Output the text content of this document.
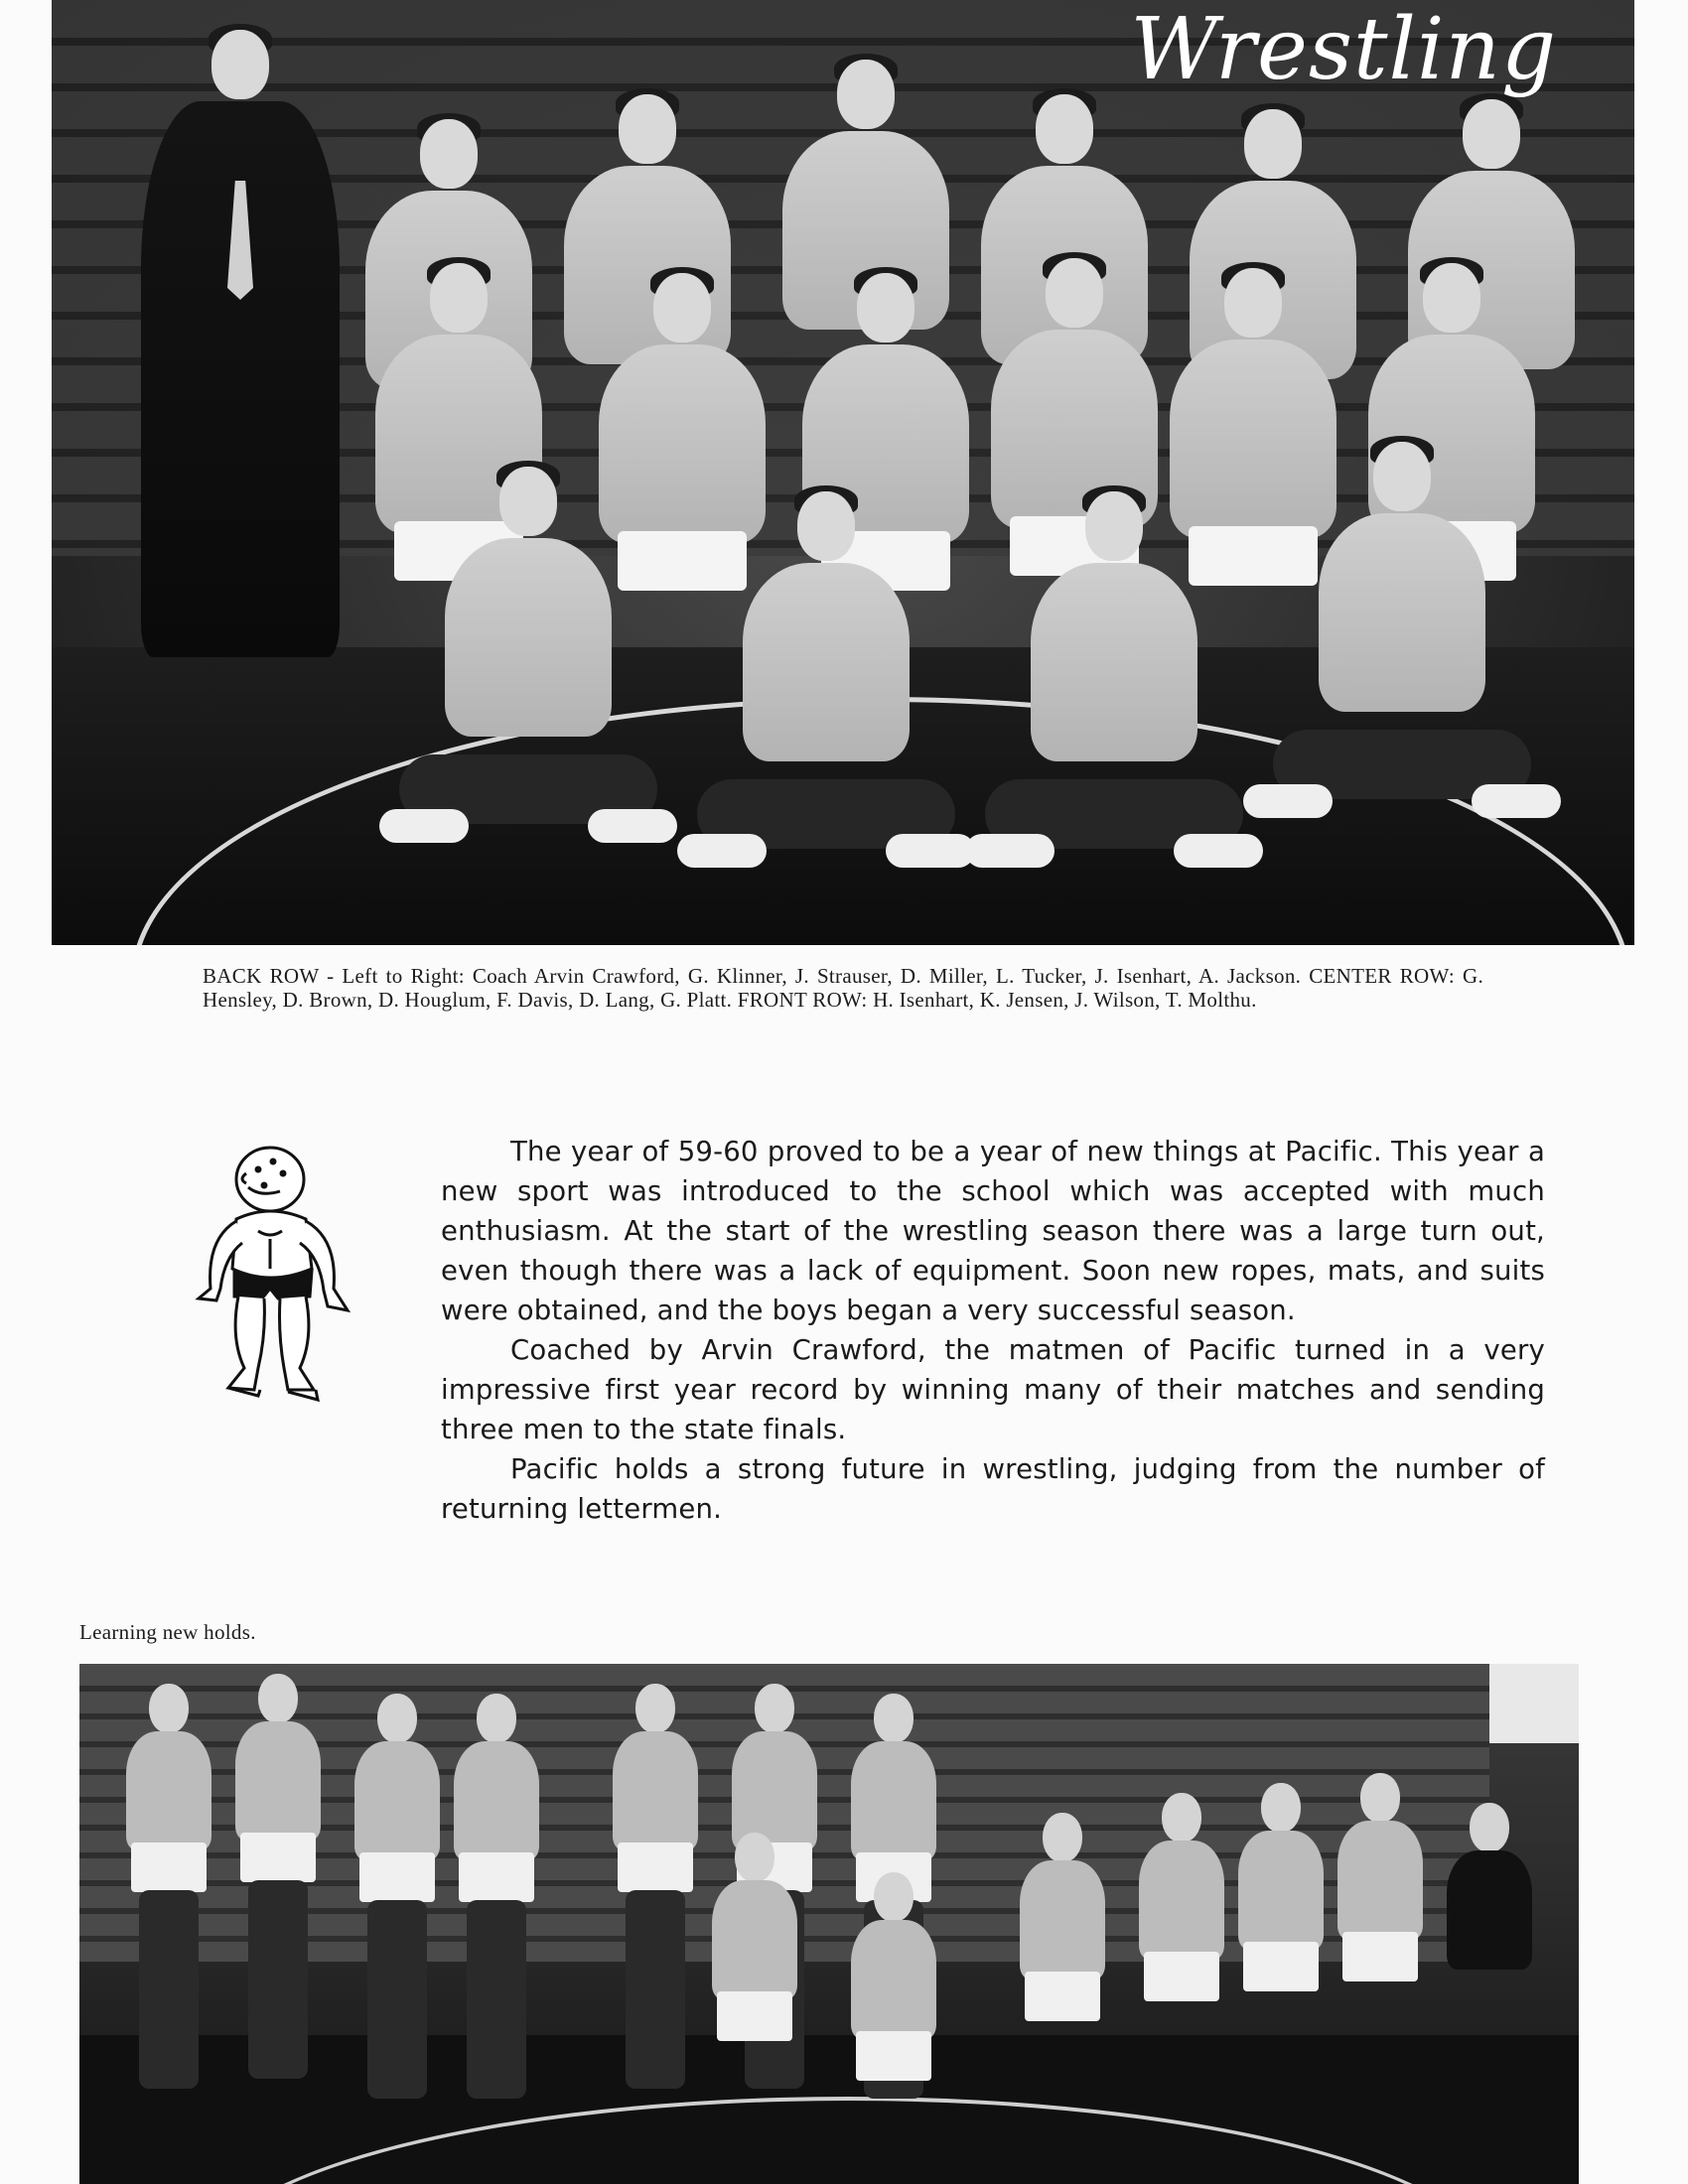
Wrestling
BACK ROW - Left to Right: Coach Arvin Crawford, G. Klinner, J. Strauser, D. Miller, L. Tucker, J. Isenhart, A. Jackson. CENTER ROW: G. Hensley, D. Brown, D. Houglum, F. Davis, D. Lang, G. Platt. FRONT ROW: H. Isenhart, K. Jensen, J. Wilson, T. Molthu.

The year of 59-60 proved to be a year of new things at Pacific. This year a new sport was introduced to the school which was accepted with much enthusiasm. At the start of the wrestling season there was a large turn out, even though there was a lack of equipment. Soon new ropes, mats, and suits were obtained, and the boys began a very successful season.

Coached by Arvin Crawford, the matmen of Pacific turned in a very impressive first year record by winning many of their matches and sending three men to the state finals.

Pacific holds a strong future in wrestling, judging from the number of returning lettermen.

Learning new holds.
